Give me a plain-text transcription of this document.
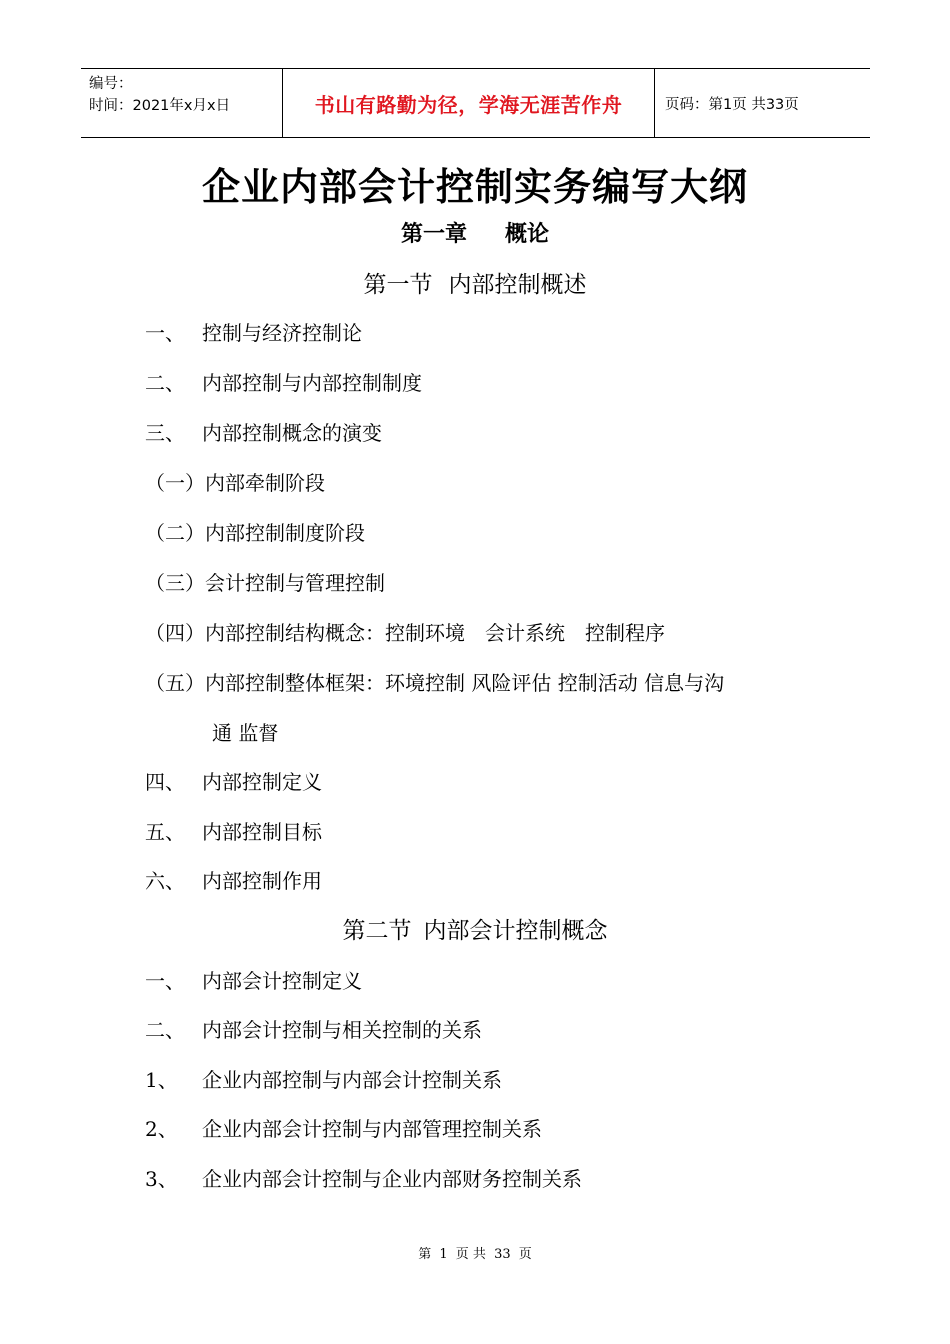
编号：
时间：2021年x月x日	书山有路勤为径，学海无涯苦作舟	页码：第1页 共33页
企业内部会计控制实务编写大纲
第一章 概论
第一节 内部控制概述
一、 控制与经济控制论
二、 内部控制与内部控制制度
三、 内部控制概念的演变
（一）内部牵制阶段
（二）内部控制制度阶段
（三）会计控制与管理控制
（四）内部控制结构概念：控制环境　会计系统　控制程序
（五）内部控制整体框架：环境控制 风险评估 控制活动 信息与沟
通 监督
四、 内部控制定义
五、 内部控制目标
六、 内部控制作用
第二节 内部会计控制概念
一、 内部会计控制定义
二、 内部会计控制与相关控制的关系
1、 企业内部控制与内部会计控制关系
2、 企业内部会计控制与内部管理控制关系
3、 企业内部会计控制与企业内部财务控制关系
第 1 页 共 33 页
